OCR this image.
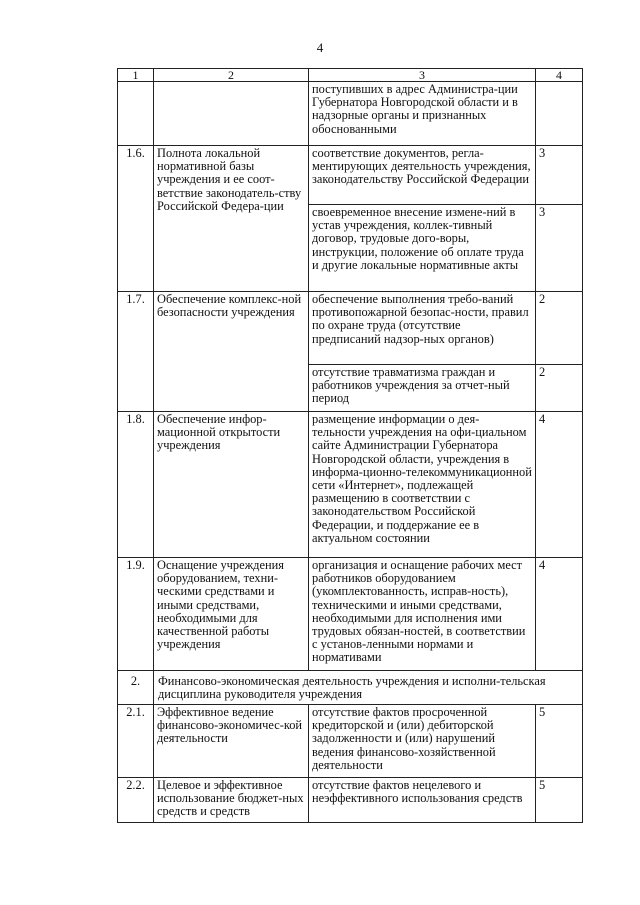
4
1	2	3	4
		поступивших в адрес Администра-ции Губернатора Новгородской области и в надзорные органы и признанных обоснованными	
1.6.	Полнота локальной нормативной базы учреждения и ее соот-ветствие законодатель-ству Российской Федера-ции	соответствие документов, регла-ментирующих деятельность учреждения, законодательству Российской Федерации	3
		своевременное внесение измене-ний в устав учреждения, коллек-тивный договор, трудовые дого-воры, инструкции, положение об оплате труда и другие локальные нормативные акты	3
1.7.	Обеспечение комплекс-ной безопасности учреждения	обеспечение выполнения требо-ваний противопожарной безопас-ности, правил по охране труда (отсутствие предписаний надзор-ных органов)	2
		отсутствие травматизма граждан и работников учреждения за отчет-ный период	2
1.8.	Обеспечение инфор-мационной открытости учреждения	размещение информации о дея-тельности учреждения на офи-циальном сайте Администрации Губернатора Новгородской области, учреждения в информа-ционно-телекоммуникационной сети «Интернет», подлежащей размещению в соответствии с законодательством Российской Федерации, и поддержание ее в актуальном состоянии	4
1.9.	Оснащение учреждения оборудованием, техни-ческими средствами и иными средствами, необходимыми для качественной работы учреждения	организация и оснащение рабочих мест работников оборудованием (укомплектованность, исправ-ность), техническими и иными средствами, необходимыми для исполнения ими трудовых обязан-ностей, в соответствии с установ-ленными нормами и нормативами	4
2.	Финансово-экономическая деятельность учреждения и исполни-тельская дисциплина руководителя учреждения		
2.1.	Эффективное ведение финансово-экономичес-кой деятельности	отсутствие фактов просроченной кредиторской и (или) дебиторской задолженности и (или) нарушений ведения финансово-хозяйственной деятельности	5
2.2.	Целевое и эффективное использование бюджет-ных средств и средств	отсутствие фактов нецелевого и неэффективного использования средств	5
